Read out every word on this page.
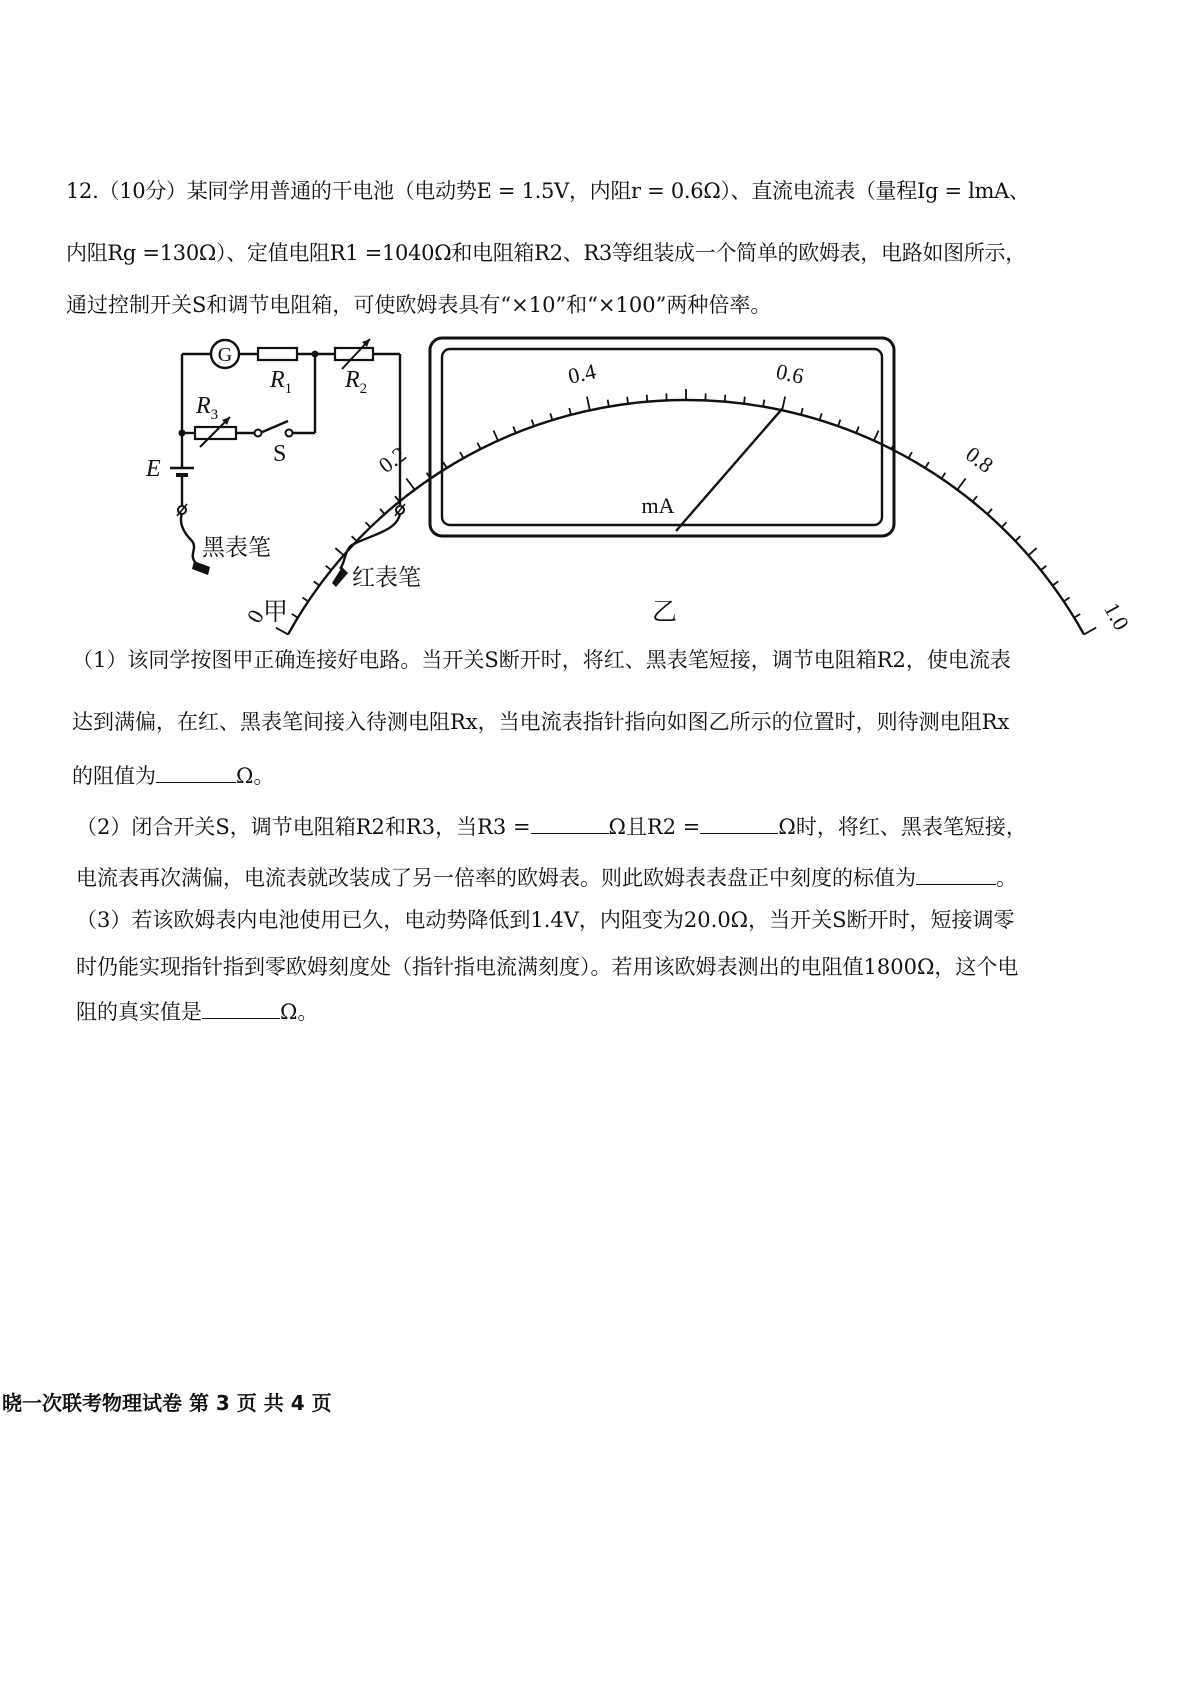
12.（10分）某同学用普通的干电池（电动势E = 1.5V，内阻r = 0.6Ω）、直流电流表（量程Ig = lmA、
内阻Rg =130Ω）、定值电阻R1 =1040Ω和电阻箱R2、R3等组装成一个简单的欧姆表，电路如图所示，
通过控制开关S和调节电阻箱，可使欧姆表具有“×10”和“×100”两种倍率。
G
$R_1$ $R_2$
$R_3$
S
E
黑表笔
红表笔
甲
0
0.2
0.4	0.6
0.8
1.0
mA
乙
（1）该同学按图甲正确连接好电路。当开关S断开时，将红、黑表笔短接，调节电阻箱R2，使电流表
达到满偏，在红、黑表笔间接入待测电阻Rx，当电流表指针指向如图乙所示的位置时，则待测电阻Rx
的阻值为	Ω。
（2）闭合开关S，调节电阻箱R2和R3，当R3 =	Ω且R2 =	Ω时，将红、黑表笔短接，
电流表再次满偏，电流表就改装成了另一倍率的欧姆表。则此欧姆表表盘正中刻度的标值为	。
（3）若该欧姆表内电池使用已久，电动势降低到1.4V，内阻变为20.0Ω，当开关S断开时，短接调零
时仍能实现指针指到零欧姆刻度处（指针指电流满刻度）。若用该欧姆表测出的电阻值1800Ω，这个电
阻的真实值是	Ω。
晓一次联考物理试卷 第 3 页 共 4 页
